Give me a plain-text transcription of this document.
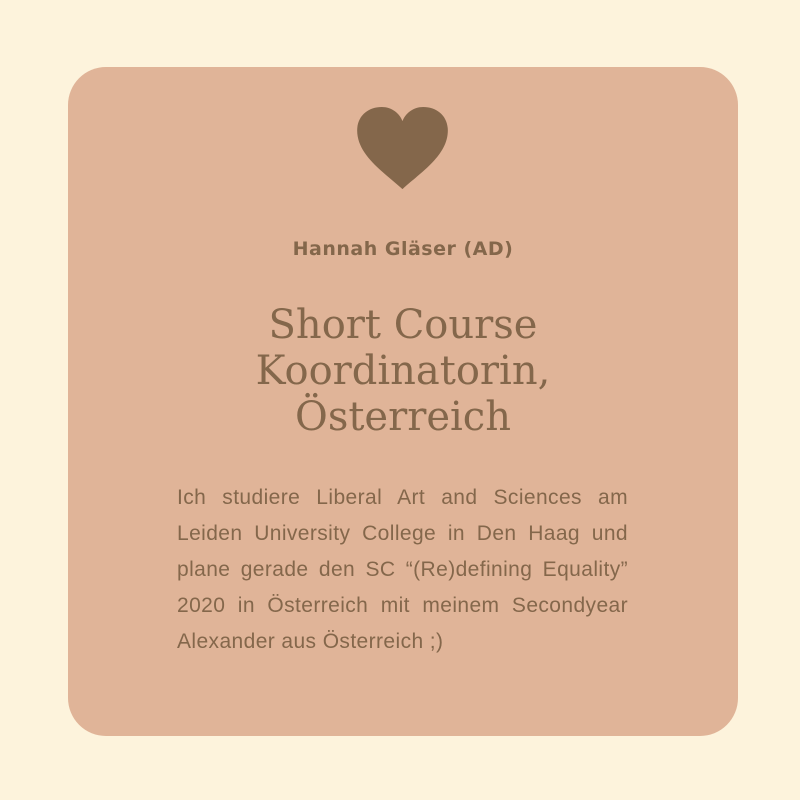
Hannah Gläser (AD)
Short Course
Koordinatorin,
Österreich
Ich studiere Liberal Art and Sciences am Leiden University College in Den Haag und plane gerade den SC “(Re)defining Equality” 2020 in Österreich mit meinem Secondyear Alexander aus Österreich ;)
